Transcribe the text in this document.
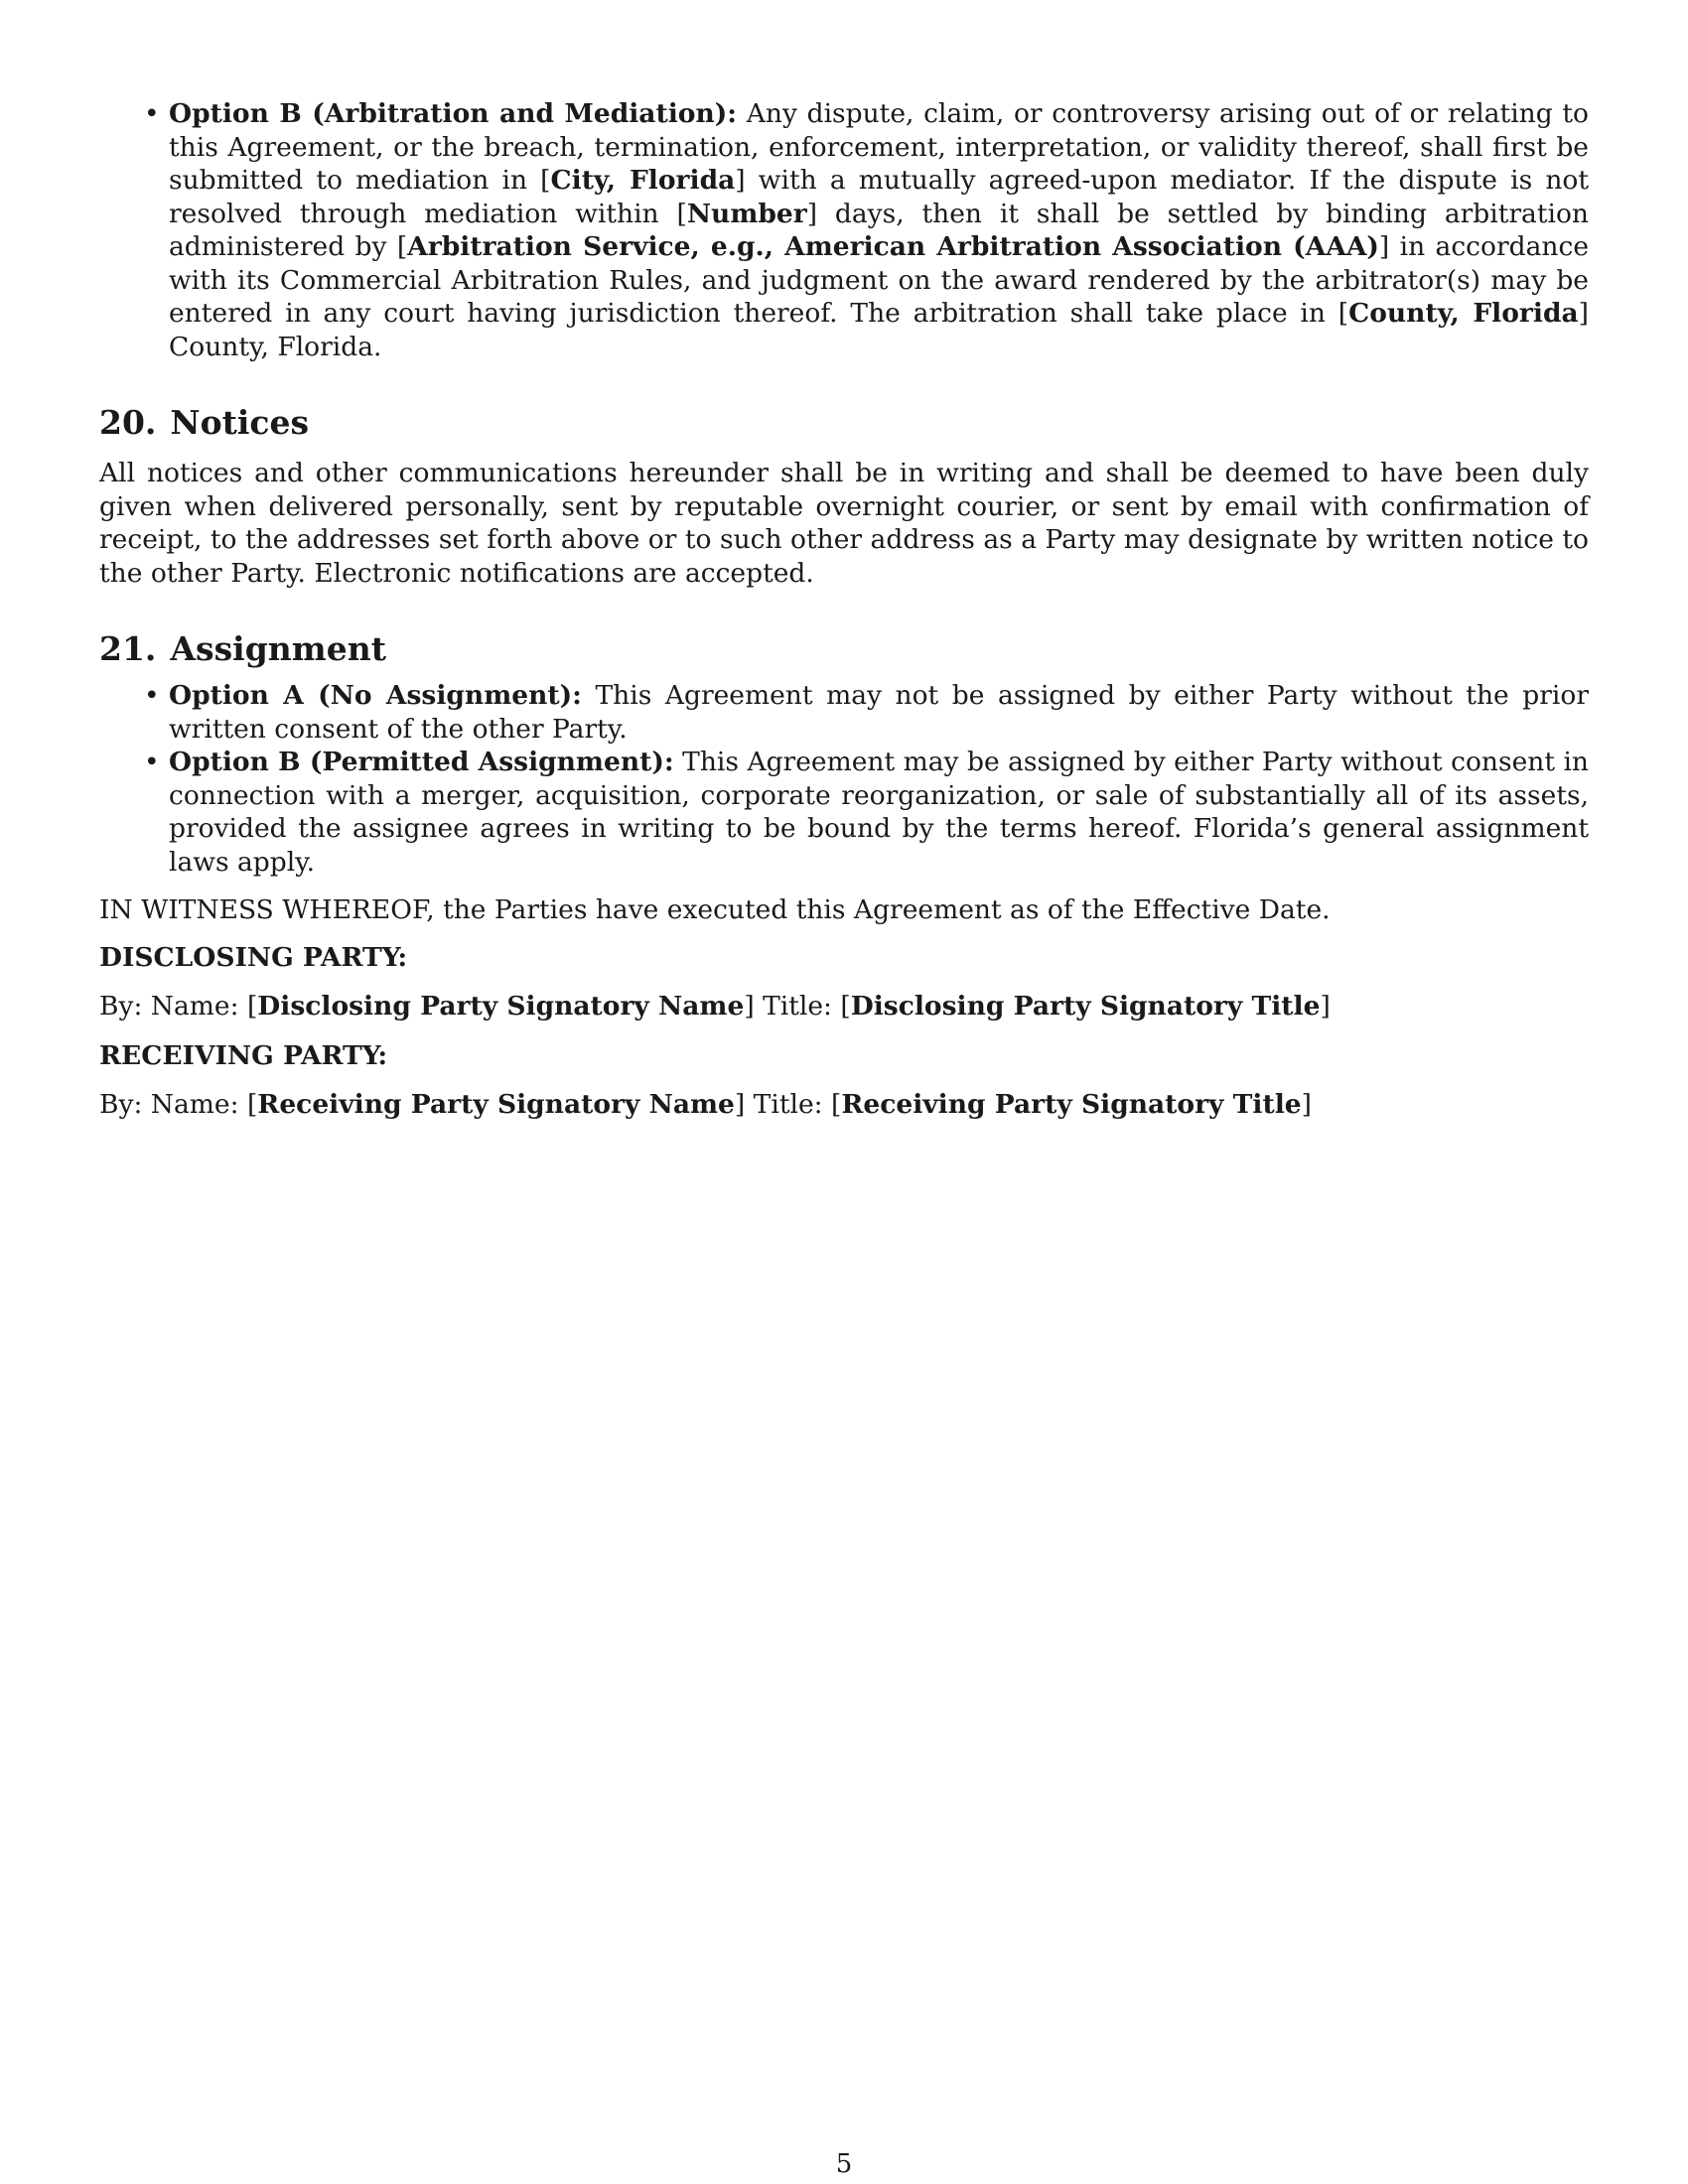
• Option B (Arbitration and Mediation): Any dispute, claim, or controversy arising out of or relating to this Agreement, or the breach, termination, enforcement, interpretation, or validity thereof, shall first be submitted to mediation in [City, Florida] with a mutually agreed-upon mediator. If the dispute is not resolved through mediation within [Number] days, then it shall be settled by binding arbitration administered by [Arbitration Service, e.g., American Arbitration Association (AAA)] in accordance with its Commercial Arbitration Rules, and judgment on the award rendered by the arbitrator(s) may be entered in any court having jurisdiction thereof. The arbitration shall take place in [County, Florida] County, Florida.
20. Notices

All notices and other communications hereunder shall be in writing and shall be deemed to have been duly given when delivered personally, sent by reputable overnight courier, or sent by email with confirmation of receipt, to the addresses set forth above or to such other address as a Party may designate by written notice to the other Party. Electronic notifications are accepted.

21. Assignment
• Option A (No Assignment): This Agreement may not be assigned by either Party without the prior written consent of the other Party.
• Option B (Permitted Assignment): This Agreement may be assigned by either Party without consent in connection with a merger, acquisition, corporate reorganization, or sale of substantially all of its assets, provided the assignee agrees in writing to be bound by the terms hereof. Florida’s general assignment laws apply.

IN WITNESS WHEREOF, the Parties have executed this Agreement as of the Effective Date.

DISCLOSING PARTY:

By: Name: [Disclosing Party Signatory Name] Title: [Disclosing Party Signatory Title]

RECEIVING PARTY:

By: Name: [Receiving Party Signatory Name] Title: [Receiving Party Signatory Title]

5
